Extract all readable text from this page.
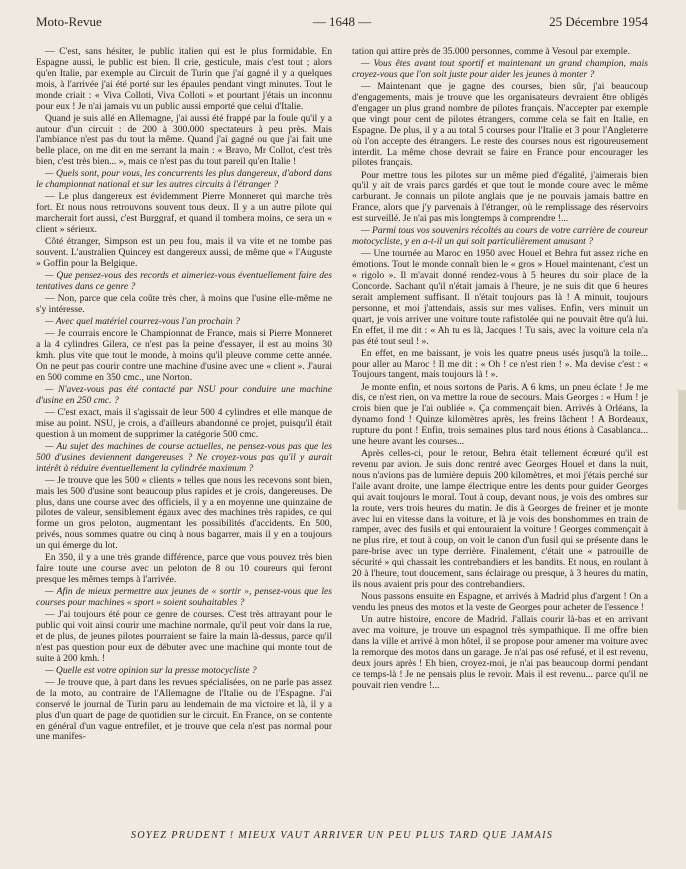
Moto-Revue	— 1648 —	25 Décembre 1954

— C'est, sans hésiter, le public italien qui est le plus formidable. En Espagne aussi, le public est bien. Il crie, gesticule, mais c'est tout ; alors qu'en Italie, par exemple au Circuit de Turin que j'ai gagné il y a quelques mois, à l'arrivée j'ai été porté sur les épaules pendant vingt minutes. Tout le monde criait : « Viva Colloti, Viva Colloti » et pourtant j'étais un inconnu pour eux ! Je n'ai jamais vu un public aussi emporté que celui d'Italie.

Quand je suis allé en Allemagne, j'ai aussi été frappé par la foule qu'il y a autour d'un circuit : de 200 à 300.000 spectateurs à peu près. Mais l'ambiance n'est pas du tout la même. Quand j'ai gagné ou que j'ai fait une belle place, on me dit en me serrant la main : « Bravo, Mr Collot, c'est très bien, c'est très bien... », mais ce n'est pas du tout pareil qu'en Italie !

— Quels sont, pour vous, les concurrents les plus dangereux, d'abord dans le championnat national et sur les autres circuits à l'étranger ?

— Le plus dangereux est évidemment Pierre Monneret qui marche très fort. Et nous nous retrouvons souvent tous deux. Il y a un autre pilote qui marcherait fort aussi, c'est Burggraf, et quand il tombera moins, ce sera un « client » sérieux.

Côté étranger, Simpson est un peu fou, mais il va vite et ne tombe pas souvent. L'australien Quincey est dangereux aussi, de même que « l'Auguste » Goffin pour la Belgique.

— Que pensez-vous des records et aimeriez-vous éventuellement faire des tentatives dans ce genre ?

— Non, parce que cela coûte très cher, à moins que l'usine elle-même ne s'y intéresse.

— Avec quel matériel courrez-vous l'an prochain ?

— Je courrais encore le Championnat de France, mais si Pierre Monneret a la 4 cylindres Gilera, ce n'est pas la peine d'essayer, il est au moins 30 kmh. plus vite que tout le monde, à moins qu'il pleuve comme cette année. On ne peut pas courir contre une machine d'usine avec une « client ». J'aurai en 500 comme en 350 cmc., une Norton.

— N'avez-vous pas été contacté par NSU pour conduire une machine d'usine en 250 cmc. ?

— C'est exact, mais il s'agissait de leur 500 4 cylindres et elle manque de mise au point. NSU, je crois, a d'ailleurs abandonné ce projet, puisqu'il était question à un moment de supprimer la catégorie 500 cmc.

— Au sujet des machines de course actuelles, ne pensez-vous pas que les 500 d'usines deviennent dangereuses ? Ne croyez-vous pas qu'il y aurait intérêt à réduire éventuellement la cylindrée maximum ?

— Je trouve que les 500 « clients » telles que nous les recevons sont bien, mais les 500 d'usine sont beaucoup plus rapides et je crois, dangereuses. De plus, dans une course avec des officiels, il y a en moyenne une quinzaine de pilotes de valeur, sensiblement égaux avec des machines très rapides, ce qui forme un gros peloton, augmentant les possibilités d'accidents. En 500, privés, nous sommes quatre ou cinq à nous bagarrer, mais il y en a toujours un qui émerge du lot.

En 350, il y a une très grande différence, parce que vous pouvez très bien faire toute une course avec un peloton de 8 ou 10 coureurs qui feront presque les mêmes temps à l'arrivée.

— Afin de mieux permettre aux jeunes de « sortir », pensez-vous que les courses pour machines « sport » soient souhaitables ?

— J'ai toujours été pour ce genre de courses. C'est très attrayant pour le public qui voit ainsi courir une machine normale, qu'il peut voir dans la rue, et de plus, de jeunes pilotes pourraient se faire la main là-dessus, parce qu'il n'est pas question pour eux de débuter avec une machine qui monte tout de suite à 200 kmh. !

— Quelle est votre opinion sur la presse motocycliste ?

— Je trouve que, à part dans les revues spécialisées, on ne parle pas assez de la moto, au contraire de l'Allemagne de l'Italie ou de l'Espagne. J'ai conservé le journal de Turin paru au lendemain de ma victoire et là, il y a plus d'un quart de page de quotidien sur le circuit. En France, on se contente en général d'un vague entrefilet, et je trouve que cela n'est pas normal pour une manifes-

tation qui attire près de 35.000 personnes, comme à Vesoul par exemple.

— Vous êtes avant tout sportif et maintenant un grand champion, mais croyez-vous que l'on soit juste pour aider les jeunes à monter ?

— Maintenant que je gagne des courses, bien sûr, j'ai beaucoup d'engagements, mais je trouve que les organisateurs devraient être obligés d'engager un plus grand nombre de pilotes français. N'accepter par exemple que vingt pour cent de pilotes étrangers, comme cela se fait en Italie, en Espagne. De plus, il y a au total 5 courses pour l'Italie et 3 pour l'Angleterre où l'on accepte des étrangers. Le reste des courses nous est rigoureusement interdit. La même chose devrait se faire en France pour encourager les pilotes français.

Pour mettre tous les pilotes sur un même pied d'égalité, j'aimerais bien qu'il y ait de vrais parcs gardés et que tout le monde coure avec le même carburant. Je connais un pilote anglais que je ne pouvais jamais battre en France, alors que j'y parvenais à l'étranger, où le remplissage des réservoirs est surveillé. Je n'ai pas mis longtemps à comprendre !...

— Parmi tous vos souvenirs récoltés au cours de votre carrière de coureur motocycliste, y en a-t-il un qui soit particulièrement amusant ?

— Une tournée au Maroc en 1950 avec Houel et Behra fut assez riche en émotions. Tout le monde connaît bien le « gros » Houel maintenant, c'est un « rigolo ». Il m'avait donné rendez-vous à 5 heures du soir place de la Concorde. Sachant qu'il n'était jamais à l'heure, je ne suis dit que 6 heures serait amplement suffisant. Il n'était toujours pas là ! A minuit, toujours personne, et moi j'attendais, assis sur mes valises. Enfin, vers minuit un quart, je vois arriver une voiture toute rafistolée qui ne pouvait être qu'à lui. En effet, il me dit : « Ah tu es là, Jacques ! Tu sais, avec la voiture cela n'a pas été tout seul ! ».

En effet, en me baissant, je vois les quatre pneus usés jusqu'à la toile... pour aller au Maroc ! Il me dit : « Oh ! ce n'est rien ! ». Ma devise c'est : « Toujours tangent, mais toujours là ! ».

Je monte enfin, et nous sortons de Paris. A 6 kms, un pneu éclate ! Je me dis, ce n'est rien, on va mettre la roue de secours. Mais Georges : « Hum ! je crois bien que je l'ai oubliée ». Ça commençait bien. Arrivés à Orléans, la dynamo fond ! Quinze kilomètres après, les freins lâchent ! A Bordeaux, rupture du pont ! Enfin, trois semaines plus tard nous étions à Casablanca... une heure avant les courses...

Après celles-ci, pour le retour, Behra était tellement écœuré qu'il est revenu par avion. Je suis donc rentré avec Georges Houel et dans la nuit, nous n'avions pas de lumière depuis 200 kilomètres, et moi j'étais perché sur l'aile avant droite, une lampe électrique entre les dents pour guider Georges qui avait toujours le moral. Tout à coup, devant nous, je vois des ombres sur la route, vers trois heures du matin. Je dis à Georges de freiner et je monte avec lui en vitesse dans la voiture, et là je vois des bonshommes en train de ramper, avec des fusils et qui entouraient la voiture ! Georges commençait à ne plus rire, et tout à coup, on voit le canon d'un fusil qui se présente dans le pare-brise avec un type derrière. Finalement, c'était une « patrouille de sécurité » qui chassait les contrebandiers et les bandits. Et nous, en roulant à 20 à l'heure, tout doucement, sans éclairage ou presque, à 3 heures du matin, ils nous avaient pris pour des contrebandiers.

Nous passons ensuite en Espagne, et arrivés à Madrid plus d'argent ! On a vendu les pneus des motos et la veste de Georges pour acheter de l'essence !

Un autre histoire, encore de Madrid. J'allais courir là-bas et en arrivant avec ma voiture, je trouve un espagnol très sympathique. Il me offre bien dans la ville et arrivé à mon hôtel, il se propose pour amener ma voiture avec la remorque des motos dans un garage. Je n'ai pas osé refusé, et il est revenu, deux jours après ! Eh bien, croyez-moi, je n'ai pas beaucoup dormi pendant ce temps-là ! Je ne pensais plus le revoir. Mais il est revenu... parce qu'il ne pouvait rien vendre !...

SOYEZ PRUDENT ! MIEUX VAUT ARRIVER UN PEU PLUS TARD QUE JAMAIS
